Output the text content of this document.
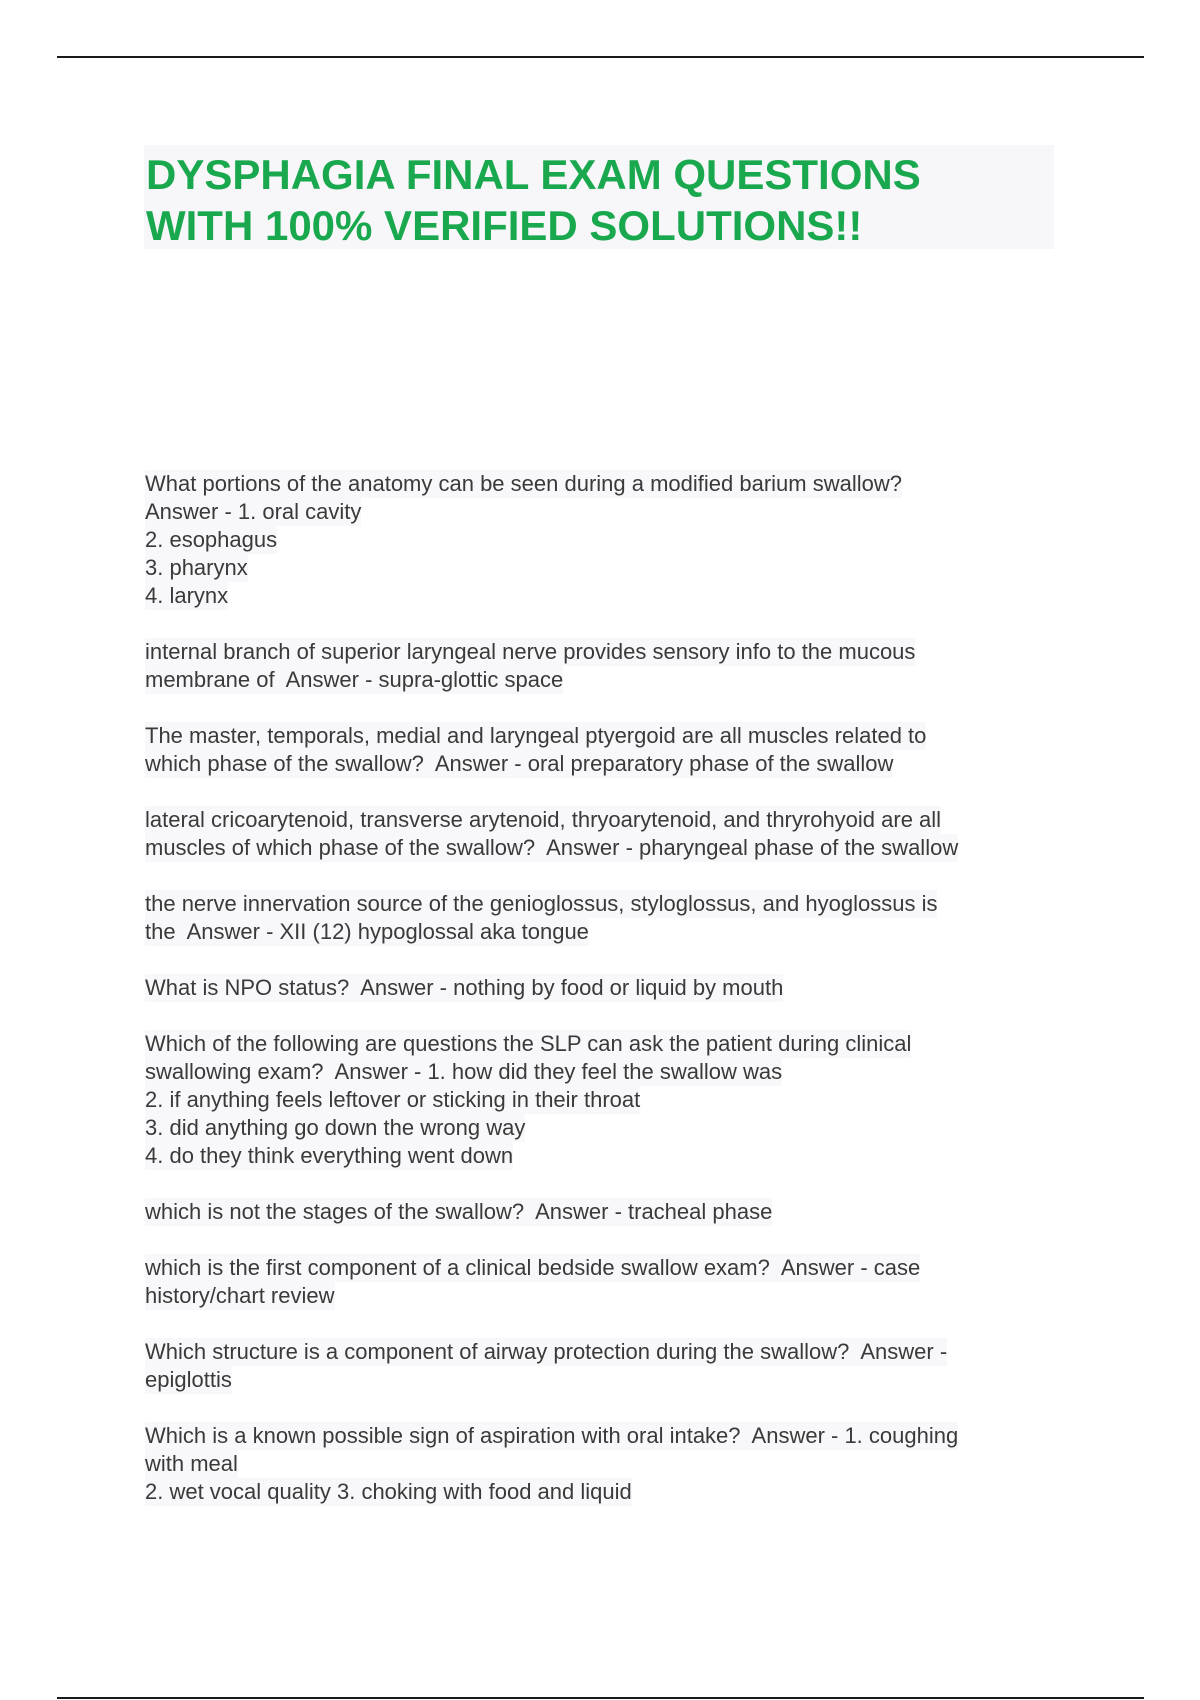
DYSPHAGIA FINAL EXAM QUESTIONS
WITH 100% VERIFIED SOLUTIONS!!
What portions of the anatomy can be seen during a modified barium swallow?
Answer - 1. oral cavity
2. esophagus
3. pharynx
4. larynx
internal branch of superior laryngeal nerve provides sensory info to the mucous
membrane of  Answer - supra-glottic space
The master, temporals, medial and laryngeal ptyergoid are all muscles related to
which phase of the swallow?  Answer - oral preparatory phase of the swallow
lateral cricoarytenoid, transverse arytenoid, thryoarytenoid, and thryrohyoid are all
muscles of which phase of the swallow?  Answer - pharyngeal phase of the swallow
the nerve innervation source of the genioglossus, styloglossus, and hyoglossus is
the  Answer - XII (12) hypoglossal aka tongue
What is NPO status?  Answer - nothing by food or liquid by mouth
Which of the following are questions the SLP can ask the patient during clinical
swallowing exam?  Answer - 1. how did they feel the swallow was
2. if anything feels leftover or sticking in their throat
3. did anything go down the wrong way
4. do they think everything went down
which is not the stages of the swallow?  Answer - tracheal phase
which is the first component of a clinical bedside swallow exam?  Answer - case
history/chart review
Which structure is a component of airway protection during the swallow?  Answer -
epiglottis
Which is a known possible sign of aspiration with oral intake?  Answer - 1. coughing
with meal
2. wet vocal quality 3. choking with food and liquid
